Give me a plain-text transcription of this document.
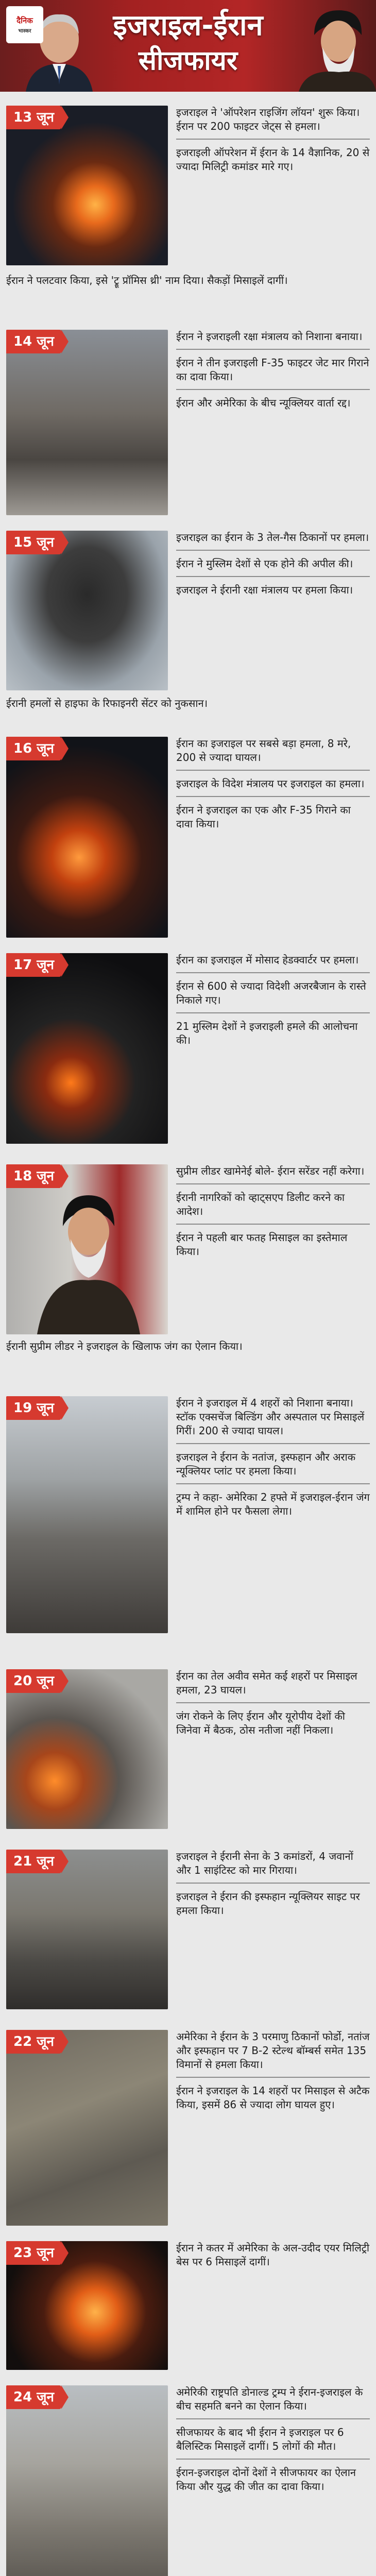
दैनिक
भास्कर	इजराइल-ईरान
सीजफायर
13 जून	इजराइल ने 'ऑपरेशन राइजिंग लॉयन' शुरू किया। ईरान पर 200 फाइटर जेट्स से हमला।
इजराइली ऑपरेशन में ईरान के 14 वैज्ञानिक, 20 से ज्यादा मिलिट्री कमांडर मारे गए।
ईरान ने पलटवार किया, इसे 'ट्रू प्रॉमिस थ्री' नाम दिया। सैकड़ों मिसाइलें दागीं।
14 जून	ईरान ने इजराइली रक्षा मंत्रालय को निशाना बनाया।
ईरान ने तीन इजराइली F-35 फाइटर जेट मार गिराने का दावा किया।
ईरान और अमेरिका के बीच न्यूक्लियर वार्ता रद्द।
15 जून	इजराइल का ईरान के 3 तेल-गैस ठिकानों पर हमला।
ईरान ने मुस्लिम देशों से एक होने की अपील की।
इजराइल ने ईरानी रक्षा मंत्रालय पर हमला किया।
ईरानी हमलों से हाइफा के रिफाइनरी सेंटर को नुकसान।
16 जून	ईरान का इजराइल पर सबसे बड़ा हमला, 8 मरे, 200 से ज्यादा घायल।
इजराइल के विदेश मंत्रालय पर इजराइल का हमला।
ईरान ने इजराइल का एक और F-35 गिराने का दावा किया।
17 जून	ईरान का इजराइल में मोसाद हेडक्वार्टर पर हमला।
ईरान से 600 से ज्यादा विदेशी अजरबैजान के रास्ते निकाले गए।
21 मुस्लिम देशों ने इजराइली हमले की आलोचना की।
18 जून	सुप्रीम लीडर खामेनेई बोले- ईरान सरेंडर नहीं करेगा।
ईरानी नागरिकों को व्हाट्सएप डिलीट करने का आदेश।
ईरान ने पहली बार फतह मिसाइल का इस्तेमाल किया।
ईरानी सुप्रीम लीडर ने इजराइल के खिलाफ जंग का ऐलान किया।
19 जून	ईरान ने इजराइल में 4 शहरों को निशाना बनाया। स्टॉक एक्सचेंज बिल्डिंग और अस्पताल पर मिसाइलें गिरीं। 200 से ज्यादा घायल।
इजराइल ने ईरान के नतांज, इस्फहान और अराक न्यूक्लियर प्लांट पर हमला किया।
ट्रम्प ने कहा- अमेरिका 2 हफ्ते में इजराइल-ईरान जंग में शामिल होने पर फैसला लेगा।
20 जून	ईरान का तेल अवीव समेत कई शहरों पर मिसाइल हमला, 23 घायल।
जंग रोकने के लिए ईरान और यूरोपीय देशों की जिनेवा में बैठक, ठोस नतीजा नहीं निकला।
21 जून	इजराइल ने ईरानी सेना के 3 कमांडरों, 4 जवानों और 1 साइंटिस्ट को मार गिराया।
इजराइल ने ईरान की इस्फहान न्यूक्लियर साइट पर हमला किया।
22 जून	अमेरिका ने ईरान के 3 परमाणु ठिकानों फोर्डो, नतांज और इस्फहान पर 7 B-2 स्टेल्थ बॉम्बर्स समेत 135 विमानों से हमला किया।
ईरान ने इजराइल के 14 शहरों पर मिसाइल से अटैक किया, इसमें 86 से ज्यादा लोग घायल हुए।
23 जून	ईरान ने कतर में अमेरिका के अल-उदीद एयर मिलिट्री बेस पर 6 मिसाइलें दागीं।
24 जून	अमेरिकी राष्ट्रपति डोनाल्ड ट्रम्प ने ईरान-इजराइल के बीच सहमति बनने का ऐलान किया।
सीजफायर के बाद भी ईरान ने इजराइल पर 6 बैलिस्टिक मिसाइलें दागीं। 5 लोगों की मौत।
ईरान-इजराइल दोनों देशों ने सीजफायर का ऐलान किया और युद्ध की जीत का दावा किया।
